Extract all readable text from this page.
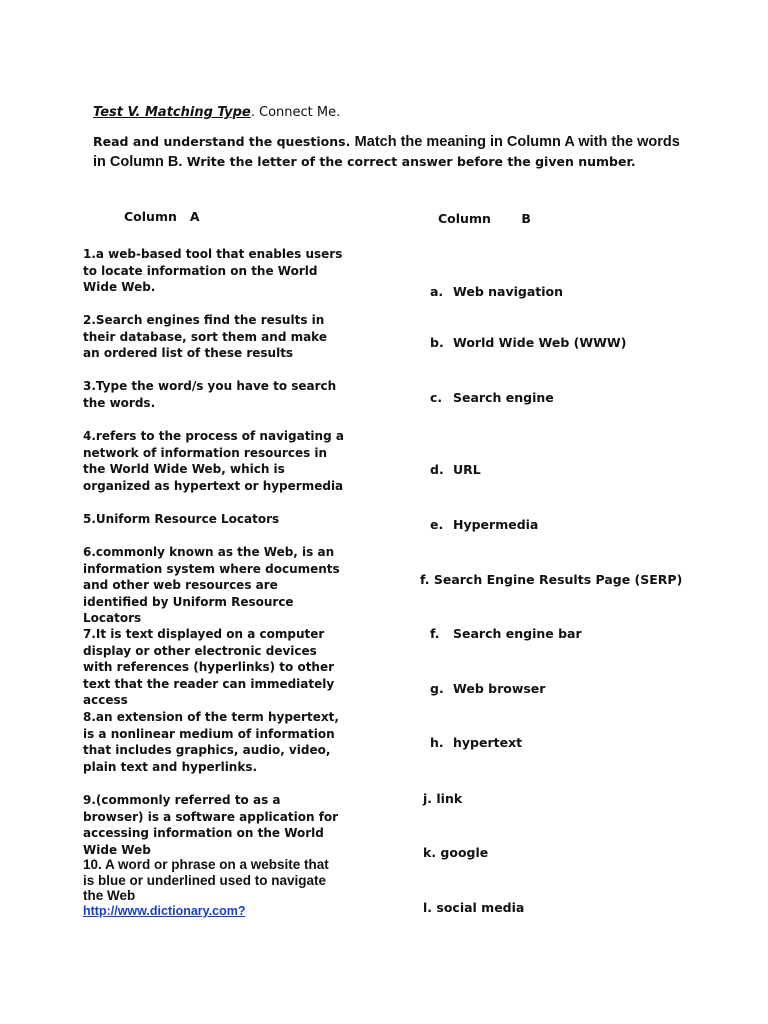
Test V. Matching Type. Connect Me.
Read and understand the questions. Match the meaning in Column A with the words in Column B. Write the letter of the correct answer before the given number.
Column   A	Column       B
1.a web-based tool that enables users to locate information on the World Wide Web.
2.Search engines find the results in their database, sort them and make an ordered list of these results
3.Type the word/s you have to search the words.
4.refers to the process of navigating a network of information resources in the World Wide Web, which is organized as hypertext or hypermedia
5.Uniform Resource Locators
6.commonly known as the Web, is an information system where documents and other web resources are identified by Uniform Resource Locators
7.It is text displayed on a computer display or other electronic devices with references (hyperlinks) to other text that the reader can immediately access
8.an extension of the term hypertext, is a nonlinear medium of information that includes graphics, audio, video, plain text and hyperlinks.
9.(commonly referred to as a browser) is a software application for accessing information on the World Wide Web
10. A word or phrase on a website that is blue or underlined used to navigate the Web
http://www.dictionary.com?
a. Web navigation
b. World Wide Web (WWW)
c. Search engine
d. URL
e. Hypermedia
f. Search Engine Results Page (SERP)
f. Search engine bar
g. Web browser
h. hypertext
j. link
k. google
l. social media
